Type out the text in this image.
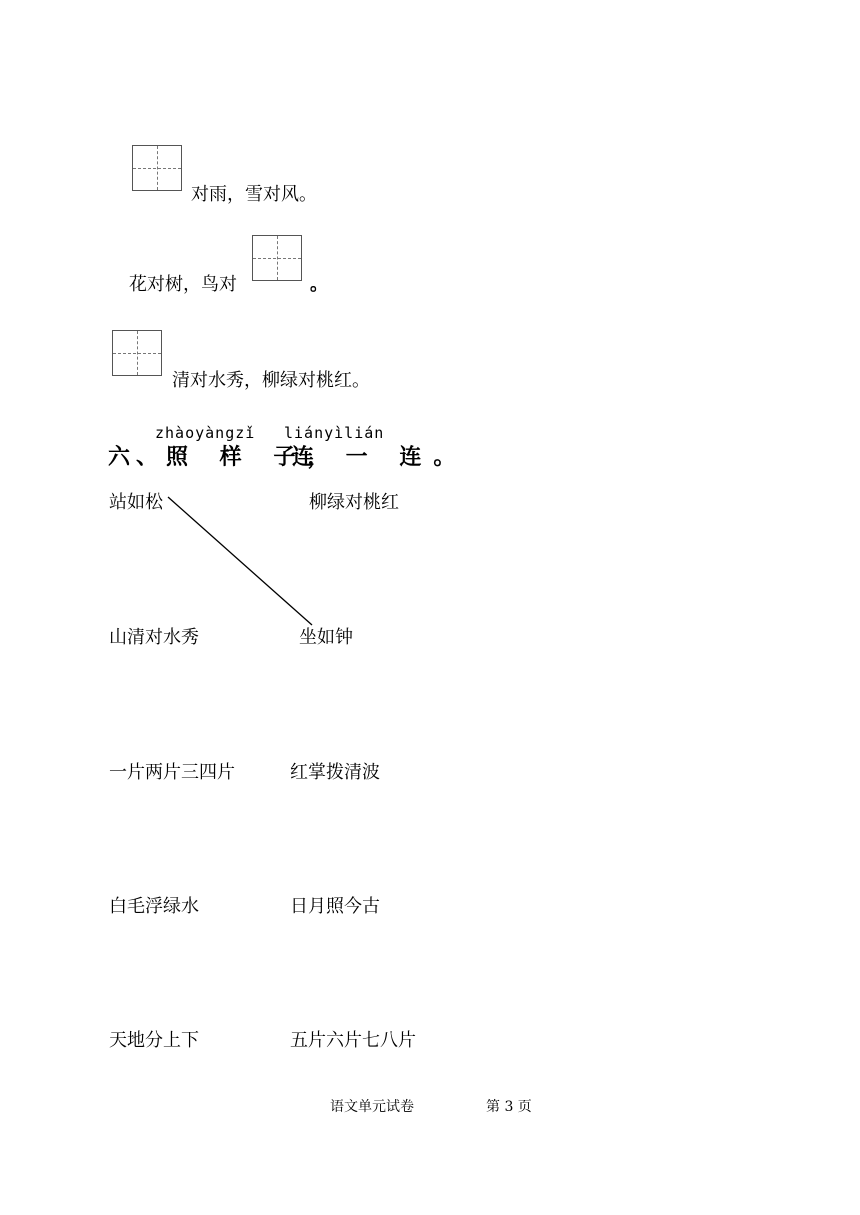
对雨，雪对风。
花对树，鸟对	。
清对水秀，柳绿对桃红。
zhàoyàngzǐ liányìlián
六、 照 样 子，
连 一 连。
站如松	柳绿对桃红
山清对水秀	坐如钟
一片两片三四片	红掌拨清波
白毛浮绿水	日月照今古
天地分上下	五片六片七八片
语文单元试卷	第 3 页
